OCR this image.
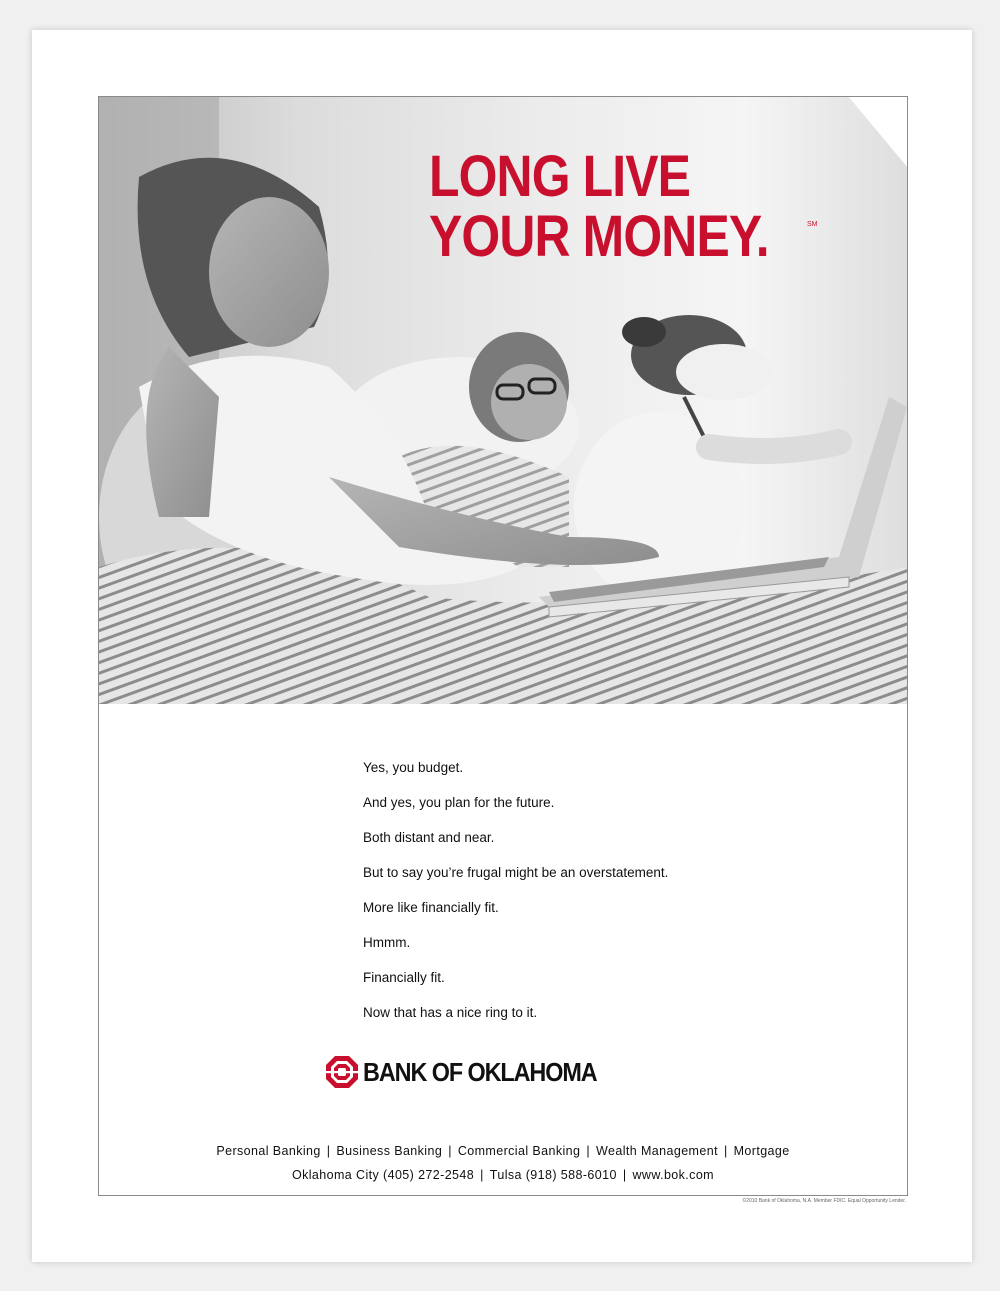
LONG LIVE
YOUR MONEY.	SM

Yes, you budget.

And yes, you plan for the future.

Both distant and near.

But to say you’re frugal might be an overstatement.

More like financially fit.

Hmmm.

Financially fit.

Now that has a nice ring to it.

BANK OF OKLAHOMA
Personal Banking | Business Banking | Commercial Banking | Wealth Management | Mortgage
Oklahoma City (405) 272-2548 | Tulsa (918) 588-6010 | www.bok.com
©2010 Bank of Oklahoma, N.A. Member FDIC. Equal Opportunity Lender.
